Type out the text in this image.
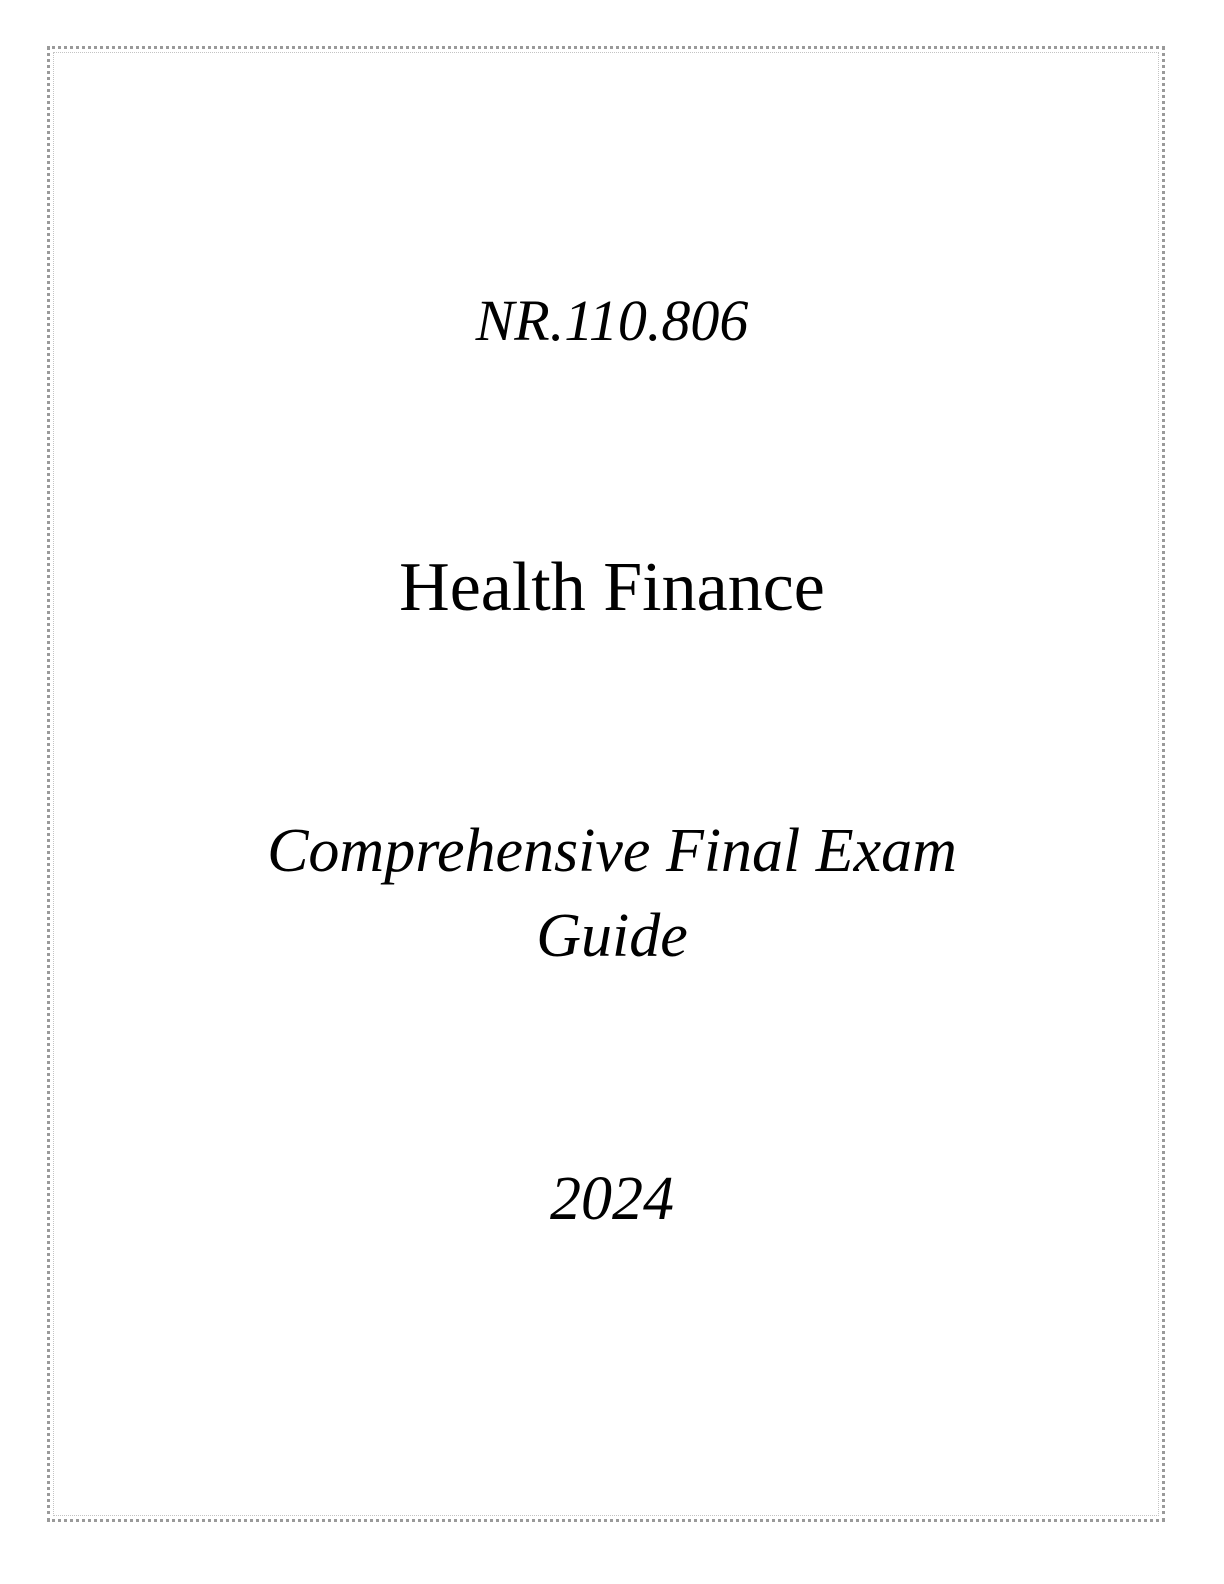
NR.110.806

Health Finance

Comprehensive Final Exam

Guide

2024
